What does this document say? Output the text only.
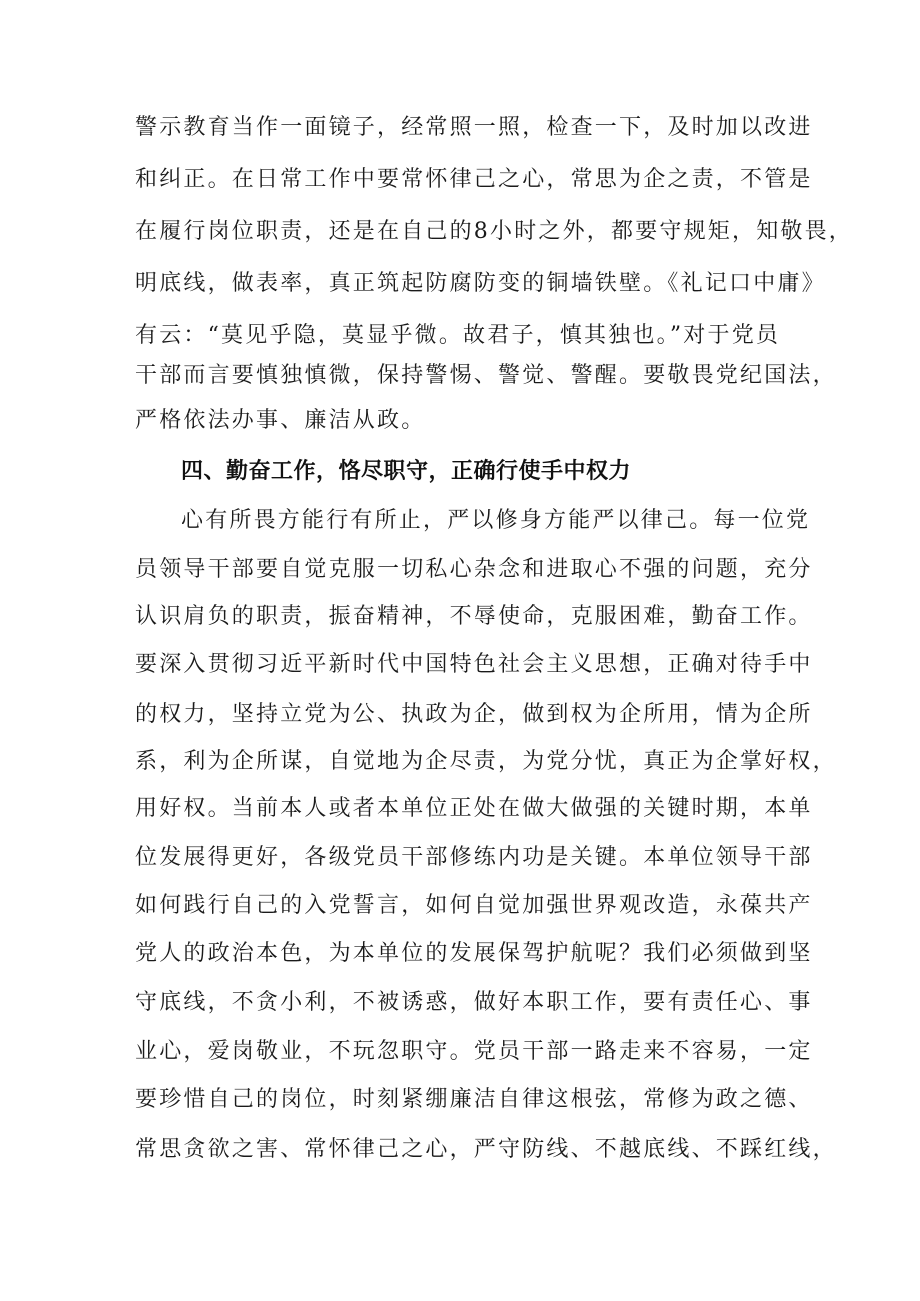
警示教育当作一面镜子，经常照一照，检查一下，及时加以改进
和纠正。在日常工作中要常怀律己之心，常思为企之责，不管是
在履行岗位职责，还是在自己的8小时之外，都要守规矩，知敬畏，
明底线，做表率，真正筑起防腐防变的铜墙铁壁。《礼记口中庸》
有云：“莫见乎隐，莫显乎微。故君子，慎其独也。”对于党员
干部而言要慎独慎微，保持警惕、警觉、警醒。要敬畏党纪国法，
严格依法办事、廉洁从政。
四、勤奋工作，恪尽职守，正确行使手中权力
心有所畏方能行有所止，严以修身方能严以律己。每一位党
员领导干部要自觉克服一切私心杂念和进取心不强的问题，充分
认识肩负的职责，振奋精神，不辱使命，克服困难，勤奋工作。
要深入贯彻习近平新时代中国特色社会主义思想，正确对待手中
的权力，坚持立党为公、执政为企，做到权为企所用，情为企所
系，利为企所谋，自觉地为企尽责，为党分忧，真正为企掌好权，
用好权。当前本人或者本单位正处在做大做强的关键时期，本单
位发展得更好，各级党员干部修练内功是关键。本单位领导干部
如何践行自己的入党誓言，如何自觉加强世界观改造，永葆共产
党人的政治本色，为本单位的发展保驾护航呢？我们必须做到坚
守底线，不贪小利，不被诱惑，做好本职工作，要有责任心、事
业心，爱岗敬业，不玩忽职守。党员干部一路走来不容易，一定
要珍惜自己的岗位，时刻紧绷廉洁自律这根弦，常修为政之德、
常思贪欲之害、常怀律己之心，严守防线、不越底线、不踩红线，
